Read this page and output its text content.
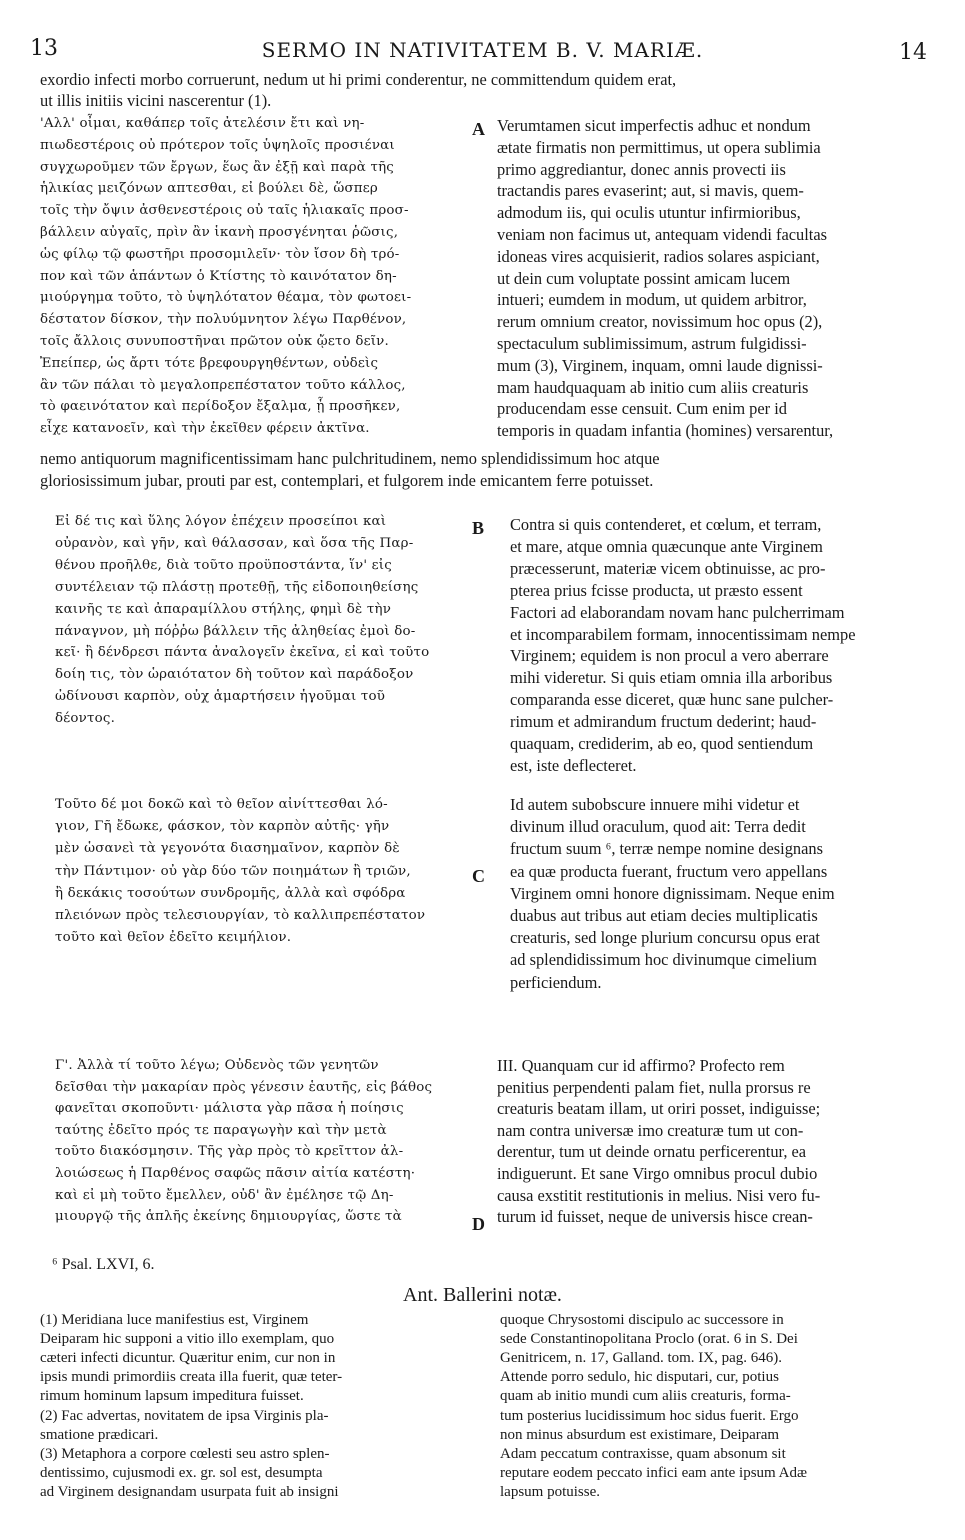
13	SERMO IN NATIVITATEM B. V. MARIÆ.	14
exordio infecti morbo corruerunt, nedum ut hi primi conderentur, ne committendum quidem erat,
ut illis initiis vicini nascerentur (1).
'Αλλ' οἶμαι, καθάπερ τοῖς ἀτελέσιν ἔτι καὶ νη-
πιωδεστέροις οὐ πρότερον τοῖς ὑψηλοῖς προσιέναι
συγχωροῦμεν τῶν ἔργων, ἕως ἂν ἐξῇ καὶ παρὰ τῆς
ἡλικίας μειζόνων απτεσθαι, εἰ βούλει δὲ, ὥσπερ
τοῖς τὴν ὄψιν ἀσθενεστέροις οὐ ταῖς ἡλιακαῖς προσ-
βάλλειν αὐγαῖς, πρὶν ἂν ἱκανὴ προσγένηται ῥῶσις,
ὡς φίλῳ τῷ φωστῆρι προσομιλεῖν· τὸν ἴσον δὴ τρό-
πον καὶ τῶν ἁπάντων ὁ Κτίστης τὸ καινότατον δη-
μιούργημα τοῦτο, τὸ ὑψηλότατον θέαμα, τὸν φωτοει-
δέστατον δίσκον, τὴν πολυύμνητον λέγω Παρθένον,
τοῖς ἄλλοις συνυποστῆναι πρῶτον οὐκ ᾤετο δεῖν.
Ἐπείπερ, ὡς ἄρτι τότε βρεφουργηθέντων, οὐδεὶς
ἂν τῶν πάλαι τὸ μεγαλοπρεπέστατον τοῦτο κάλλος,
τὸ φαεινότατον καὶ περίδοξον ἔξαλμα, ᾗ προσῆκεν,
εἶχε κατανοεῖν, καὶ τὴν ἐκεῖθεν φέρειν ἀκτῖνα.
Verumtamen sicut imperfectis adhuc et nondum
ætate firmatis non permittimus, ut opera sublimia
primo aggrediantur, donec annis provecti iis
tractandis pares evaserint; aut, si mavis, quem-
admodum iis, qui oculis utuntur infirmioribus,
veniam non facimus ut, antequam videndi facultas
idoneas vires acquisierit, radios solares aspiciant,
ut dein cum voluptate possint amicam lucem
intueri; eumdem in modum, ut quidem arbitror,
rerum omnium creator, novissimum hoc opus (2),
spectaculum sublimissimum, astrum fulgidissi-
mum (3), Virginem, inquam, omni laude dignissi-
mam haudquaquam ab initio cum aliis creaturis
producendam esse censuit. Cum enim per id
temporis in quadam infantia (homines) versarentur,
nemo antiquorum magnificentissimam hanc pulchritudinem, nemo splendidissimum hoc atque
gloriosissimum jubar, prouti par est, contemplari, et fulgorem inde emicantem ferre potuisset.
Εἰ δέ τις καὶ ὕλης λόγον ἐπέχειν προσείποι καὶ
οὐρανὸν, καὶ γῆν, καὶ θάλασσαν, καὶ ὅσα τῆς Παρ-
θένου προῆλθε, διὰ τοῦτο προϋποστάντα, ἵν' εἰς
συντέλειαν τῷ πλάστῃ προτεθῇ, τῆς εἰδοποιηθείσης
καινῆς τε καὶ ἀπαραμίλλου στήλης, φημὶ δὲ τὴν
πάναγνον, μὴ πόῤῥω βάλλειν τῆς ἀληθείας ἐμοὶ δο-
κεῖ· ἢ δένδρεσι πάντα ἀναλογεῖν ἐκεῖνα, εἰ καὶ τοῦτο
δοίη τις, τὸν ὡραιότατον δὴ τοῦτον καὶ παράδοξον
ὠδίνουσι καρπὸν, οὐχ ἁμαρτήσειν ἡγοῦμαι τοῦ
δέοντος.
Contra si quis contenderet, et cœlum, et terram,
et mare, atque omnia quæcunque ante Virginem
præcesserunt, materiæ vicem obtinuisse, ac pro-
pterea prius fcisse producta, ut præsto essent
Factori ad elaborandam novam hanc pulcherrimam
et incomparabilem formam, innocentissimam nempe
Virginem; equidem is non procul a vero aberrare
mihi videretur. Si quis etiam omnia illa arboribus
comparanda esse diceret, quæ hunc sane pulcher-
rimum et admirandum fructum dederint; haud-
quaquam, crediderim, ab eo, quod sentiendum
est, iste deflecteret.
Τοῦτο δέ μοι δοκῶ καὶ τὸ θεῖον αἰνίττεσθαι λό-
γιον, Γῆ ἔδωκε, φάσκον, τὸν καρπὸν αὐτῆς· γῆν
μὲν ὡσανεὶ τὰ γεγονότα διασημαῖνον, καρπὸν δὲ
τὴν Πάντιμον· οὐ γὰρ δύο τῶν ποιημάτων ἢ τριῶν,
ἢ δεκάκις τοσούτων συνδρομῆς, ἀλλὰ καὶ σφόδρα
πλειόνων πρὸς τελεσιουργίαν, τὸ καλλιπρεπέστατον
τοῦτο καὶ θεῖον ἐδεῖτο κειμήλιον.
Id autem subobscure innuere mihi videtur et
divinum illud oraculum, quod ait: Terra dedit
fructum suum ⁶, terræ nempe nomine designans
ea quæ producta fuerant, fructum vero appellans
Virginem omni honore dignissimam. Neque enim
duabus aut tribus aut etiam decies multiplicatis
creaturis, sed longe plurium concursu opus erat
ad splendidissimum hoc divinumque cimelium
perficiendum.
Γ'. Ἀλλὰ τί τοῦτο λέγω; Οὐδενὸς τῶν γενητῶν
δεῖσθαι τὴν μακαρίαν πρὸς γένεσιν ἑαυτῆς, εἰς βάθος
φανεῖται σκοποῦντι· μάλιστα γὰρ πᾶσα ἡ ποίησις
ταύτης ἐδεῖτο πρός τε παραγωγὴν καὶ τὴν μετὰ
τοῦτο διακόσμησιν. Τῆς γὰρ πρὸς τὸ κρεῖττον ἀλ-
λοιώσεως ἡ Παρθένος σαφῶς πᾶσιν αἰτία κατέστη·
καὶ εἰ μὴ τοῦτο ἔμελλεν, οὐδ' ἂν ἐμέλησε τῷ Δη-
μιουργῷ τῆς ἁπλῆς ἐκείνης δημιουργίας, ὥστε τὰ
III. Quanquam cur id affirmo? Profecto rem
penitius perpendenti palam fiet, nulla prorsus re
creaturis beatam illam, ut oriri posset, indiguisse;
nam contra universæ imo creaturæ tum ut con-
derentur, tum ut deinde ornatu perficerentur, ea
indiguerunt. Et sane Virgo omnibus procul dubio
causa exstitit restitutionis in melius. Nisi vero fu-
turum id fuisset, neque de universis hisce crean-
A
B
C
D
⁶ Psal. LXVI, 6.
Ant. Ballerini notæ.
(1) Meridiana luce manifestius est, Virginem
Deiparam hic supponi a vitio illo exemplam, quo
cæteri infecti dicuntur. Quæritur enim, cur non in
ipsis mundi primordiis creata illa fuerit, quæ teter-
rimum hominum lapsum impeditura fuisset.
(2) Fac advertas, novitatem de ipsa Virginis pla-
smatione prædicari.
(3) Metaphora a corpore cœlesti seu astro splen-
dentissimo, cujusmodi ex. gr. sol est, desumpta
ad Virginem designandam usurpata fuit ab insigni
quoque Chrysostomi discipulo ac successore in
sede Constantinopolitana Proclo (orat. 6 in S. Dei
Genitricem, n. 17, Galland. tom. IX, pag. 646).
Attende porro sedulo, hic disputari, cur, potius
quam ab initio mundi cum aliis creaturis, forma-
tum posterius lucidissimum hoc sidus fuerit. Ergo
non minus absurdum est existimare, Deiparam
Adam peccatum contraxisse, quam absonum sit
reputare eodem peccato infici eam ante ipsum Adæ
lapsum potuisse.
